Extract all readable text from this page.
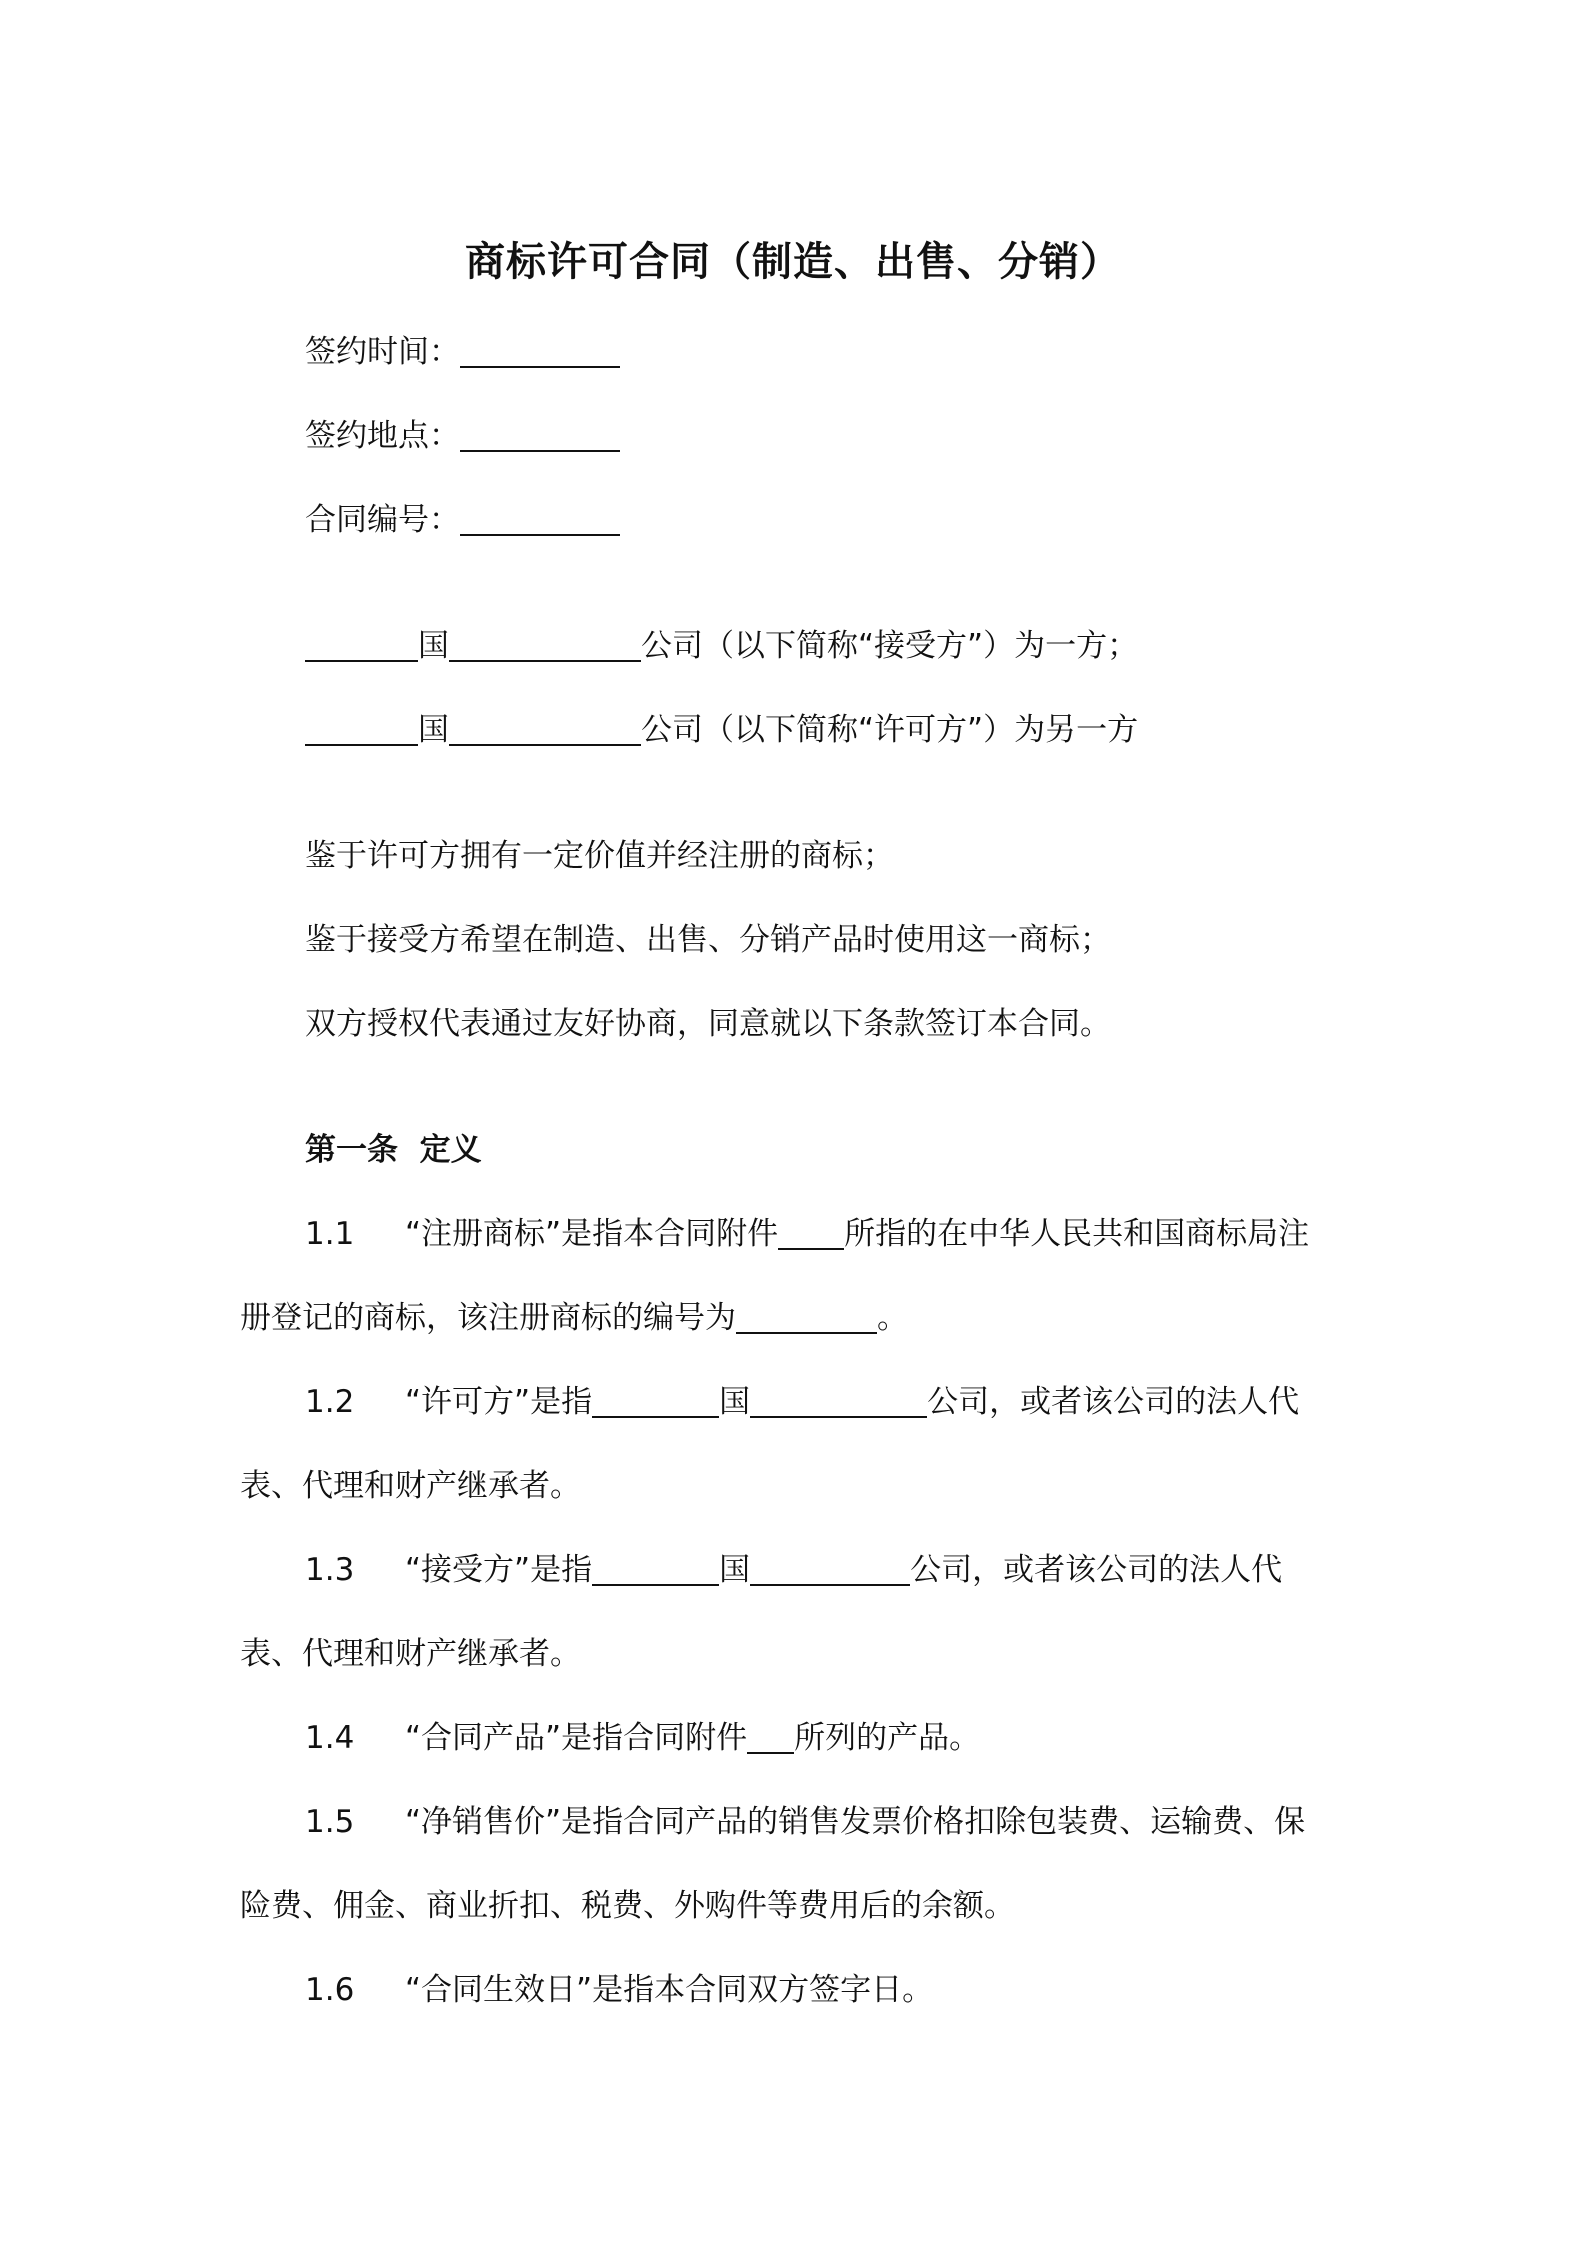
商标许可合同（制造、出售、分销）
签约时间：
签约地点：
合同编号：
国	公司（以下简称“接受方”）为一方；
国	公司（以下简称“许可方”）为另一方
鉴于许可方拥有一定价值并经注册的商标；
鉴于接受方希望在制造、出售、分销产品时使用这一商标；
双方授权代表通过友好协商，同意就以下条款签订本合同。
第一条  定义
1.1 “注册商标”是指本合同附件 所指的在中华人民共和国商标局注
册登记的商标，该注册商标的编号为	。
1.2 “许可方”是指	国	公司，或者该公司的法人代
表、代理和财产继承者。
1.3 “接受方”是指	国	公司，或者该公司的法人代
表、代理和财产继承者。
1.4 “合同产品”是指合同附件 所列的产品。
1.5 “净销售价”是指合同产品的销售发票价格扣除包装费、运输费、保
险费、佣金、商业折扣、税费、外购件等费用后的余额。
1.6 “合同生效日”是指本合同双方签字日。
